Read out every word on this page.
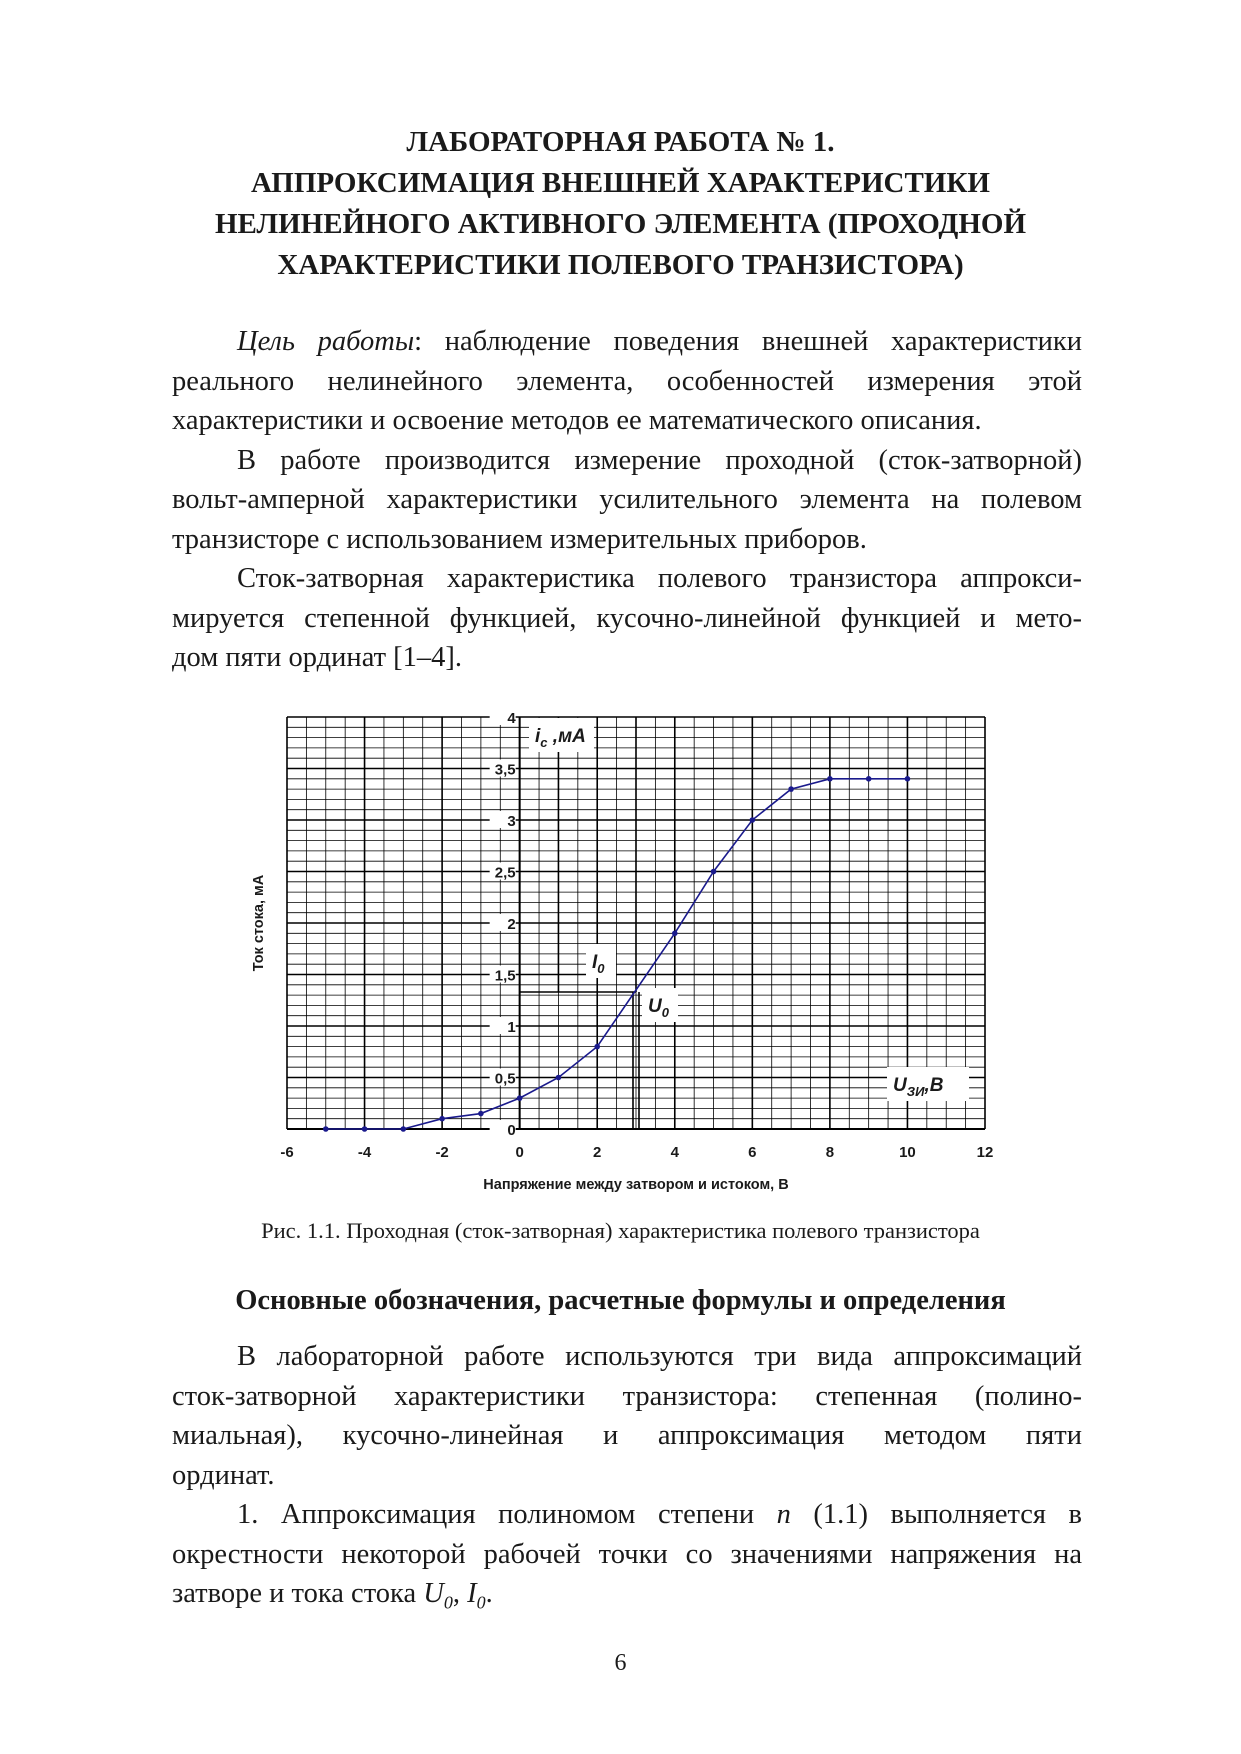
ЛАБОРАТОРНАЯ РАБОТА № 1.
АППРОКСИМАЦИЯ ВНЕШНЕЙ ХАРАКТЕРИСТИКИ
НЕЛИНЕЙНОГО АКТИВНОГО ЭЛЕМЕНТА (ПРОХОДНОЙ
ХАРАКТЕРИСТИКИ ПОЛЕВОГО ТРАНЗИСТОРА)
Цель работы: наблюдение поведения внешней характеристики
реального нелинейного элемента, особенностей измерения этой
характеристики и освоение методов ее математического описания.
В работе производится измерение проходной (сток-затворной)
вольт-амперной характеристики усилительного элемента на полевом
транзисторе с использованием измерительных приборов.
Сток-затворная характеристика полевого транзистора аппрокси-
мируется степенной функцией, кусочно-линейной функцией и мето-
дом пяти ординат [1–4].
-6	-4	-2	0	2	4	6	8	10	12
0
0,5
1
1,5
2
2,5
3
3,5
4
$i_c$ ,мА
$U_{ЗИ},В$
$I_0$
$U_0$
Напряжение между затвором и истоком, В
Ток стока, мА
Рис. 1.1. Проходная (сток-затворная) характеристика полевого транзистора
Основные обозначения, расчетные формулы и определения
В лабораторной работе используются три вида аппроксимаций
сток-затворной характеристики транзистора: степенная (полино-
миальная), кусочно-линейная и аппроксимация методом пяти
ординат.
1. Аппроксимация полиномом степени n (1.1) выполняется в
окрестности некоторой рабочей точки со значениями напряжения на
затворе и тока стока $U_0$, $I_0$.
6
